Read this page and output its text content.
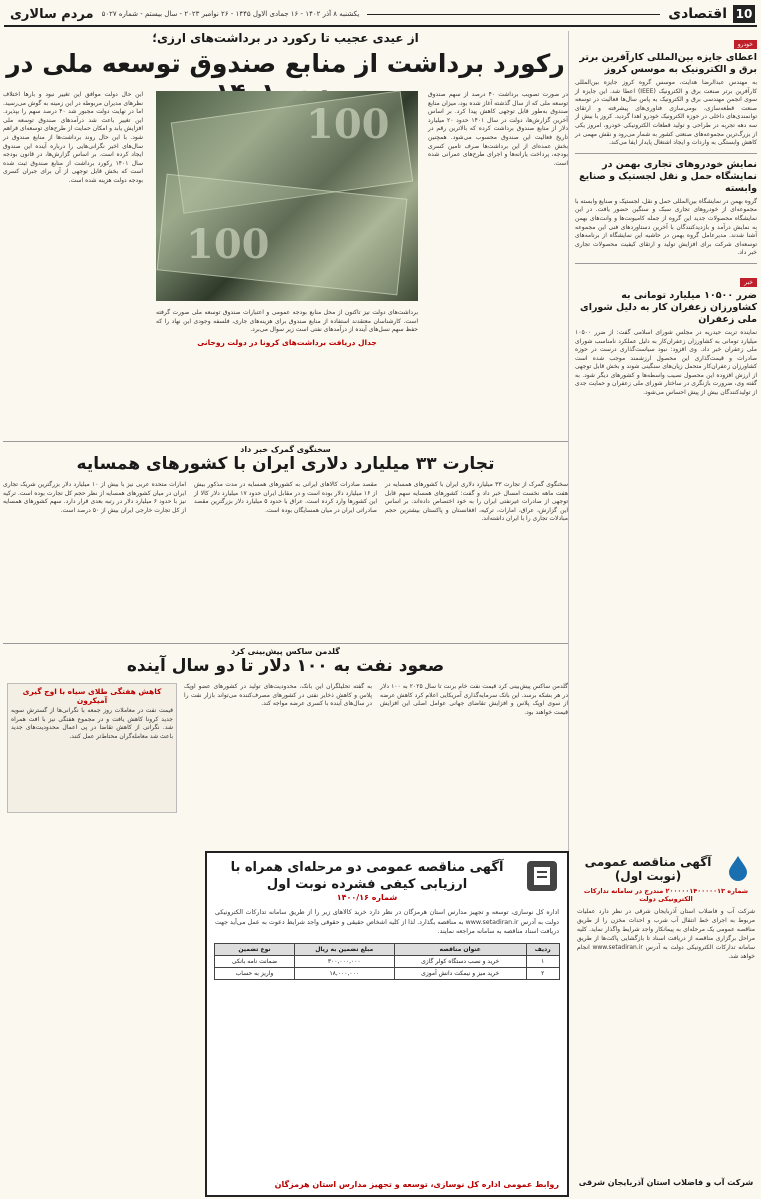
10
اقتصادی
یکشنبه ۸ آذر ۱۴۰۲ - ۱۶ جمادی الاول ۱۴۴۵ - ۲۶ نوامبر ۲۰۲۳ - سال بیستم - شماره ۵۰۲۷
مردم سالاری
خودرو
اعطای جایزه بین‌المللی کارآفرین برتر برق و الکترونیک به موسس کروز

به مهندس عبدالرضا هدایت، موسس گروه کروز جایزه بین‌المللی کارآفرین برتر صنعت برق و الکترونیک (IEEE) اعطا شد. این جایزه از سوی انجمن مهندسی برق و الکترونیک به پاس سال‌ها فعالیت در توسعه صنعت قطعه‌سازی، بومی‌سازی فناوری‌های پیشرفته و ارتقای توانمندی‌های داخلی در حوزه الکترونیک خودرو اهدا گردید. کروز با بیش از سه دهه تجربه در طراحی و تولید قطعات الکترونیکی خودرو، امروز یکی از بزرگ‌ترین مجموعه‌های صنعتی کشور به شمار می‌رود و نقش مهمی در کاهش وابستگی به واردات و ایجاد اشتغال پایدار ایفا می‌کند.

نمایش خودروهای تجاری بهمن در نمایشگاه حمل و نقل لجستیک و صنایع وابسته

گروه بهمن در نمایشگاه بین‌المللی حمل و نقل، لجستیک و صنایع وابسته با مجموعه‌ای از خودروهای تجاری سبک و سنگین حضور یافت. در این نمایشگاه محصولات جدید این گروه از جمله کامیونت‌ها و وانت‌های بهمن به نمایش درآمد و بازدیدکنندگان با آخرین دستاوردهای فنی این مجموعه آشنا شدند. مدیرعامل گروه بهمن در حاشیه این نمایشگاه از برنامه‌های توسعه‌ای شرکت برای افزایش تولید و ارتقای کیفیت محصولات تجاری خبر داد.

خبر
ضرر ۱۰۵۰۰ میلیارد تومانی به کشاورزان زعفران کار به دلیل شورای ملی زعفران

نماینده تربت حیدریه در مجلس شورای اسلامی گفت: از ضرر ۱۰۵۰۰ میلیارد تومانی به کشاورزان زعفران‌کار به دلیل عملکرد نامناسب شورای ملی زعفران خبر داد. وی افزود: نبود سیاست‌گذاری درست در حوزه صادرات و قیمت‌گذاری این محصول ارزشمند موجب شده است کشاورزان زعفران‌کار متحمل زیان‌های سنگینی شوند و بخش قابل توجهی از ارزش افزوده این محصول نصیب واسطه‌ها و کشورهای دیگر شود. به گفته وی، ضرورت بازنگری در ساختار شورای ملی زعفران و حمایت جدی از تولیدکنندگان بیش از پیش احساس می‌شود.

از عیدی عجیب تا رکورد در برداشت‌های ارزی؛
رکورد برداشت از منابع صندوق توسعه ملی در

این حال دولت موافق این تغییر نبود و بارها اختلاف نظرهای مدیران مربوطه در این زمینه به گوش می‌رسید. اما در نهایت دولت مجبور شد ۴۰ درصد سهم را بپذیرد. این تغییر باعث شد درآمدهای صندوق توسعه ملی افزایش یابد و امکان حمایت از طرح‌های توسعه‌ای فراهم شود. با این حال روند برداشت‌ها از منابع صندوق در سال‌های اخیر نگرانی‌هایی را درباره آینده این صندوق ایجاد کرده است. بر اساس گزارش‌ها، در قانون بودجه سال ۱۴۰۱ رکورد برداشت از منابع صندوق ثبت شده است که بخش قابل توجهی از آن برای جبران کسری بودجه دولت هزینه شده است.

در صورت تصویب برداشت ۴۰ درصد از سهم صندوق توسعه ملی که از سال گذشته آغاز شده بود، میزان منابع صندوق به‌طور قابل توجهی کاهش پیدا کرد. بر اساس آخرین گزارش‌ها، دولت در سال ۱۴۰۱ حدود ۲۰ میلیارد دلار از منابع صندوق برداشت کرده که بالاترین رقم در تاریخ فعالیت این صندوق محسوب می‌شود. همچنین بخش عمده‌ای از این برداشت‌ها صرف تامین کسری بودجه، پرداخت یارانه‌ها و اجرای طرح‌های عمرانی شده است.

برداشت‌های دولت نیز تاکنون از محل منابع بودجه عمومی و اعتبارات صندوق توسعه ملی صورت گرفته است. کارشناسان معتقدند استفاده از منابع صندوق برای هزینه‌های جاری، فلسفه وجودی این نهاد را که حفظ سهم نسل‌های آینده از درآمدهای نفتی است زیر سوال می‌برد.

جدال دریافت برداشت‌های کرونا در دولت روحانی
100
100
سخنگوی گمرک خبر داد
تجارت ۳۳ میلیارد دلاری ایران با کشورهای همسایه

سخنگوی گمرک از تجارت ۳۳ میلیارد دلاری ایران با کشورهای همسایه در هفت ماهه نخست امسال خبر داد و گفت: کشورهای همسایه سهم قابل توجهی از صادرات غیرنفتی ایران را به خود اختصاص داده‌اند. بر اساس این گزارش، عراق، امارات، ترکیه، افغانستان و پاکستان بیشترین حجم مبادلات تجاری را با ایران داشته‌اند.

مقصد صادرات کالاهای ایرانی به کشورهای همسایه در مدت مذکور بیش از ۱۶ میلیارد دلار بوده است و در مقابل ایران حدود ۱۷ میلیارد دلار کالا از این کشورها وارد کرده است. عراق با حدود ۵ میلیارد دلار بزرگترین مقصد صادراتی ایران در میان همسایگان بوده است.

امارات متحده عربی نیز با بیش از ۱۰ میلیارد دلار بزرگترین شریک تجاری ایران در میان کشورهای همسایه از نظر حجم کل تجارت بوده است. ترکیه نیز با حدود ۶ میلیارد دلار در رتبه بعدی قرار دارد. سهم کشورهای همسایه از کل تجارت خارجی ایران بیش از ۵۰ درصد است.

گلدمن ساکس پیش‌بینی کرد
صعود نفت به ۱۰۰ دلار تا دو سال آینده

گلدمن ساکس پیش‌بینی کرد قیمت نفت خام برنت تا سال ۲۰۲۵ به ۱۰۰ دلار در هر بشکه برسد. این بانک سرمایه‌گذاری آمریکایی اعلام کرد کاهش عرضه از سوی اوپک پلاس و افزایش تقاضای جهانی عوامل اصلی این افزایش قیمت خواهند بود.

به گفته تحلیلگران این بانک، محدودیت‌های تولید در کشورهای عضو اوپک پلاس و کاهش ذخایر نفتی در کشورهای مصرف‌کننده می‌تواند بازار نفت را در سال‌های آینده با کسری عرضه مواجه کند.

کاهش هفتگی طلای سیاه با اوج گیری آمیکرون

قیمت نفت در معاملات روز جمعه با نگرانی‌ها از گسترش سویه جدید کرونا کاهش یافت و در مجموع هفتگی نیز با افت همراه شد. نگرانی از کاهش تقاضا در پی اعمال محدودیت‌های جدید باعث شد معامله‌گران محتاط‌تر عمل کنند.

آگهی مناقصه عمومی دو مرحله‌ای همراه با ارزیابی کیفی فشرده نوبت اول
شماره ۱۴۰۰/۱۶

اداره کل نوسازی، توسعه و تجهیز مدارس استان هرمزگان در نظر دارد خرید کالاهای زیر را از طریق سامانه تدارکات الکترونیکی دولت به آدرس www.setadiran.ir به مناقصه بگذارد. لذا از کلیه اشخاص حقیقی و حقوقی واجد شرایط دعوت به عمل می‌آید جهت دریافت اسناد مناقصه به سامانه مراجعه نمایند.

ردیف	عنوان مناقصه	مبلغ تضمین به ریال	نوع تضمین
۱	خرید و نصب دستگاه کولر گازی	۳۰۰,۰۰۰,۰۰۰	ضمانت نامه بانکی
۲	خرید میز و نیمکت دانش آموزی	۱۸,۰۰۰,۰۰۰	واریز به حساب
روابط عمومی اداره کل نوسازی، توسعه و تجهیز مدارس استان هرمزگان
آگهی مناقصه عمومی (نوبت اول)
شماره ۲۰۰۰۰۰۱۴۰۰۰۰۰۱۳ مندرج در سامانه تدارکات الکترونیکی دولت

شرکت آب و فاضلاب استان آذربایجان شرقی در نظر دارد عملیات مربوط به اجرای خط انتقال آب شرب و احداث مخزن را از طریق مناقصه عمومی یک مرحله‌ای به پیمانکار واجد شرایط واگذار نماید. کلیه مراحل برگزاری مناقصه از دریافت اسناد تا بازگشایی پاکت‌ها از طریق سامانه تدارکات الکترونیکی دولت به آدرس www.setadiran.ir انجام خواهد شد.

شرکت آب و فاضلاب استان آذربایجان شرقی
